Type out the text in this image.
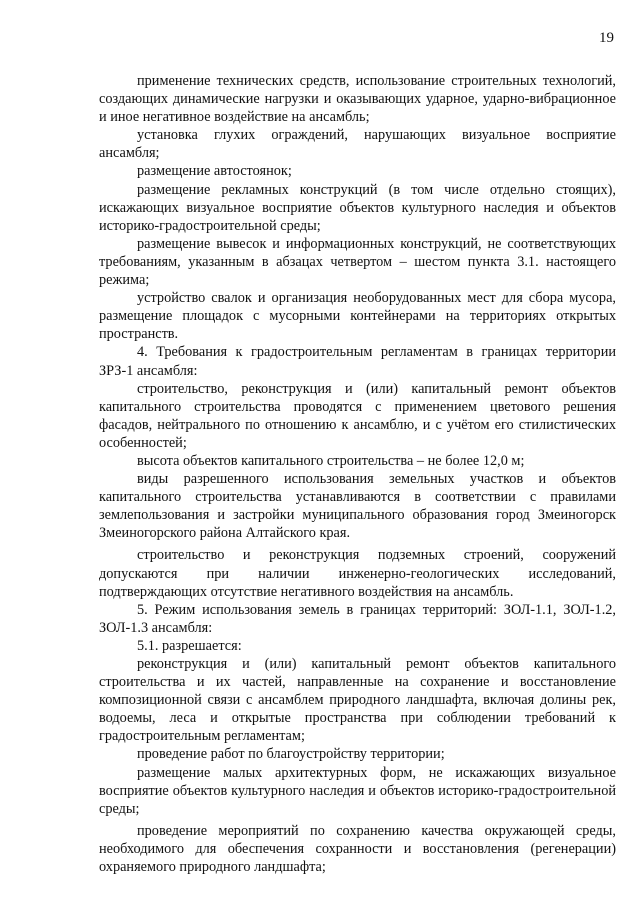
19

применение технических средств, использование строительных технологий, создающих динамические нагрузки и оказывающих ударное, ударно-вибрационное и иное негативное воздействие на ансамбль;

установка глухих ограждений, нарушающих визуальное восприятие ансамбля;

размещение автостоянок;

размещение рекламных конструкций (в том числе отдельно стоящих), искажающих визуальное восприятие объектов культурного наследия и объектов историко-градостроительной среды;

размещение вывесок и информационных конструкций, не соответствующих требованиям, указанным в абзацах четвертом – шестом пункта 3.1. настоящего режима;

устройство свалок и организация необорудованных мест для сбора мусора, размещение площадок с мусорными контейнерами на территориях открытых пространств.

4. Требования к градостроительным регламентам в границах территории ЗРЗ-1 ансамбля:

строительство, реконструкция и (или) капитальный ремонт объектов капитального строительства проводятся с применением цветового решения фасадов, нейтрального по отношению к ансамблю, и с учётом его стилистических особенностей;

высота объектов капитального строительства – не более 12,0 м;

виды разрешенного использования земельных участков и объектов капитального строительства устанавливаются в соответствии с правилами землепользования и застройки муниципального образования город Змеиногорск Змеиногорского района Алтайского края.

строительство и реконструкция подземных строений, сооружений допускаются при наличии инженерно-геологических исследований, подтверждающих отсутствие негативного воздействия на ансамбль.

5. Режим использования земель в границах территорий: ЗОЛ-1.1, ЗОЛ-1.2, ЗОЛ-1.3 ансамбля:

5.1. разрешается:

реконструкция и (или) капитальный ремонт объектов капитального строительства и их частей, направленные на сохранение и восстановление композиционной связи с ансамблем природного ландшафта, включая долины рек, водоемы, леса и открытые пространства при соблюдении требований к градостроительным регламентам;

проведение работ по благоустройству территории;

размещение малых архитектурных форм, не искажающих визуальное восприятие объектов культурного наследия и объектов историко-градостроительной среды;

проведение мероприятий по сохранению качества окружающей среды, необходимого для обеспечения сохранности и восстановления (регенерации) охраняемого природного ландшафта;
